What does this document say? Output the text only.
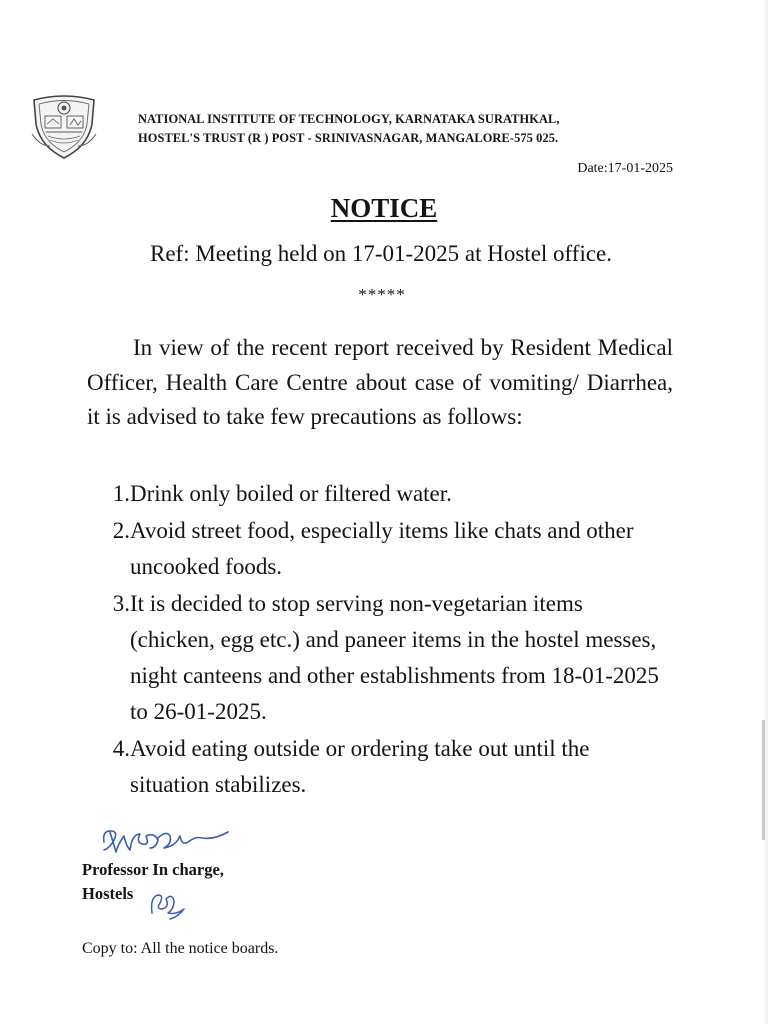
NATIONAL INSTITUTE OF TECHNOLOGY, KARNATAKA SURATHKAL,
HOSTEL'S TRUST (R ) POST - SRINIVASNAGAR, MANGALORE-575 025.
Date:17-01-2025
NOTICE
Ref: Meeting held on 17-01-2025 at Hostel office.
*****
In view of the recent report received by Resident Medical Officer, Health Care Centre about case of vomiting/ Diarrhea, it is advised to take few precautions as follows:
1. Drink only boiled or filtered water.
2. Avoid street food, especially items like chats and other uncooked foods.
3. It is decided to stop serving non-vegetarian items (chicken, egg etc.) and paneer items in the hostel messes, night canteens and other establishments from 18-01-2025 to 26-01-2025.
4. Avoid eating outside or ordering take out until the situation stabilizes.
Professor In charge,
Hostels
Copy to: All the notice boards.
